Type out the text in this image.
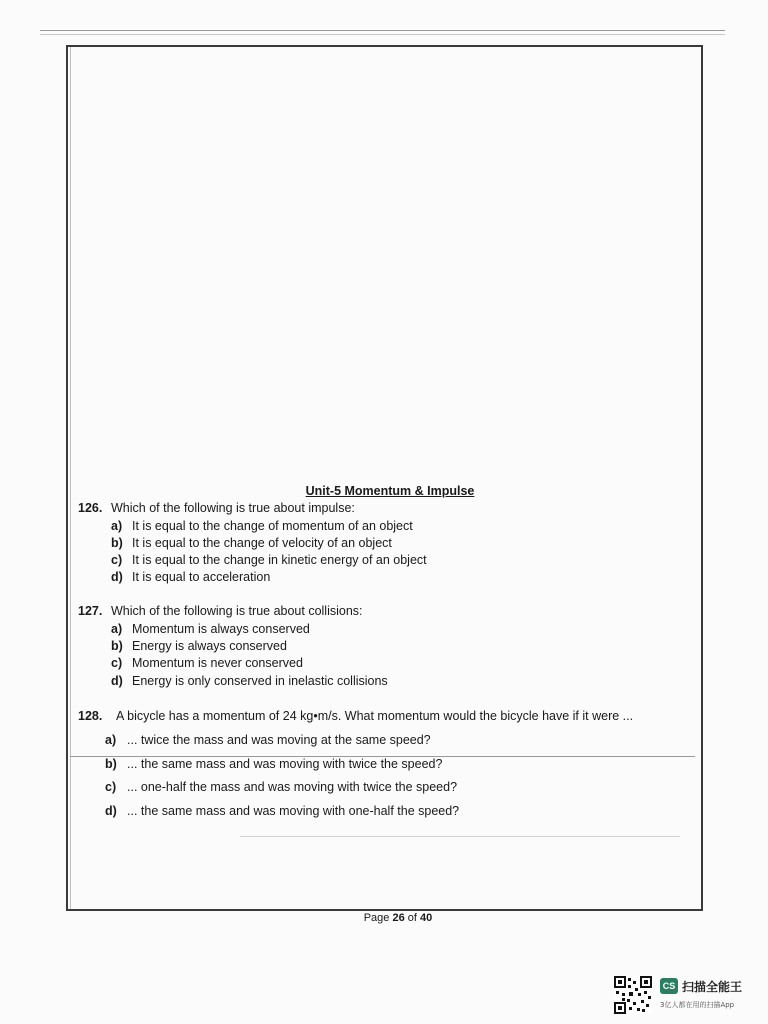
Unit-5 Momentum & Impulse
126. Which of the following is true about impulse:
a) It is equal to the change of momentum of an object
b) It is equal to the change of velocity of an object
c) It is equal to the change in kinetic energy of an object
d) It is equal to acceleration
127. Which of the following is true about collisions:
a) Momentum is always conserved
b) Energy is always conserved
c) Momentum is never conserved
d) Energy is only conserved in inelastic collisions
128. A bicycle has a momentum of 24 kg•m/s. What momentum would the bicycle have if it were ...
a) ... twice the mass and was moving at the same speed?
b) ... the same mass and was moving with twice the speed?
c) ... one-half the mass and was moving with twice the speed?
d) ... the same mass and was moving with one-half the speed?
Page 26 of 40
CS 扫描全能王
3亿人都在用的扫描App
